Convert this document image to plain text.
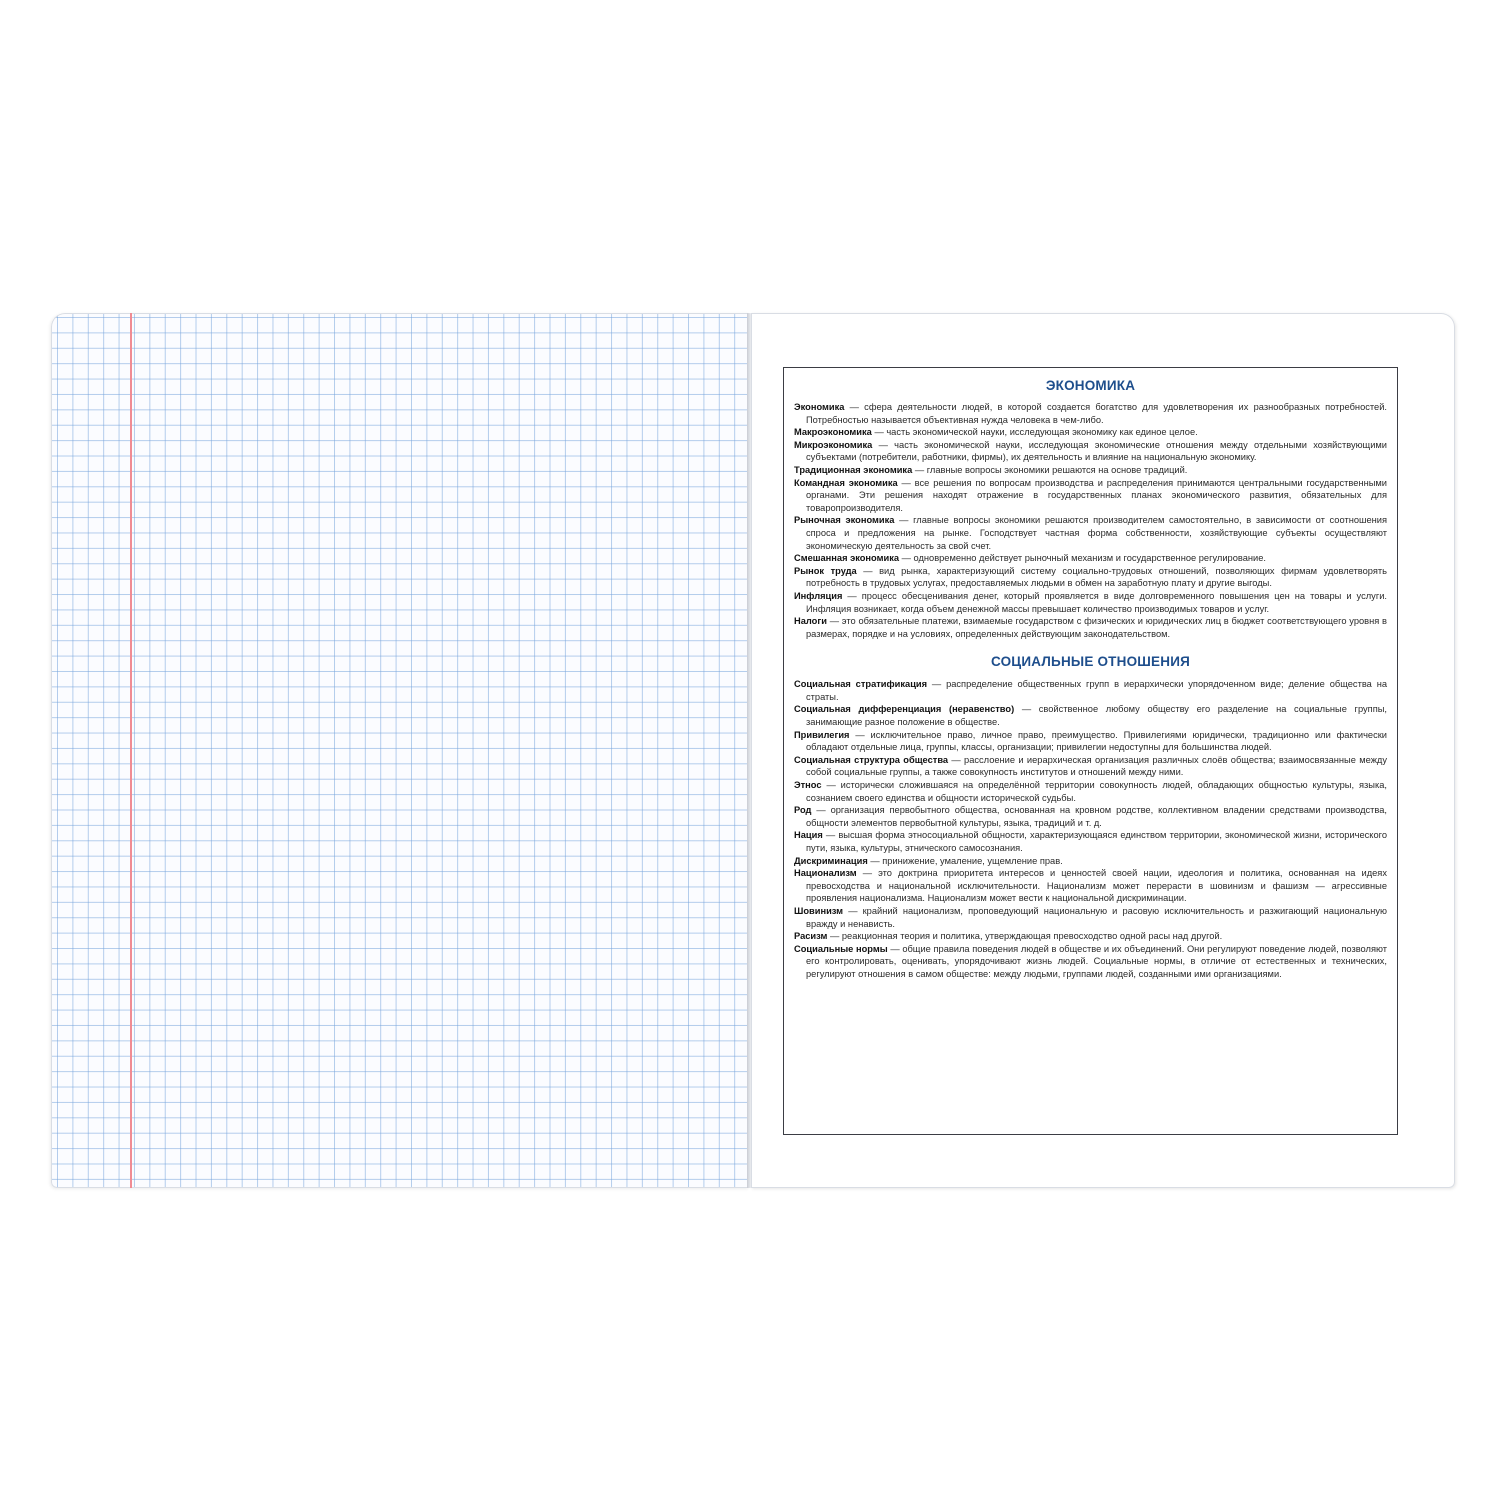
ЭКОНОМИКА

Экономика — сфера деятельности людей, в которой создается богатство для удовлетворения их разнообразных потребностей. Потребностью называется объективная нужда человека в чем-либо.

Макроэкономика — часть экономической науки, исследующая экономику как единое целое.

Микроэкономика — часть экономической науки, исследующая экономические отношения между отдельными хозяйствующими субъектами (потребители, работники, фирмы), их деятельность и влияние на национальную экономику.

Традиционная экономика — главные вопросы экономики решаются на основе традиций.

Командная экономика — все решения по вопросам производства и распределения принимаются центральными государственными органами. Эти решения находят отражение в государственных планах экономического развития, обязательных для товаропроизводителя.

Рыночная экономика — главные вопросы экономики решаются производителем самостоятельно, в зависимости от соотношения спроса и предложения на рынке. Господствует частная форма собственности, хозяйствующие субъекты осуществляют экономическую деятельность за свой счет.

Смешанная экономика — одновременно действует рыночный механизм и государственное регулирование.

Рынок труда — вид рынка, характеризующий систему социально-трудовых отношений, позволяющих фирмам удовлетворять потребность в трудовых услугах, предоставляемых людьми в обмен на заработную плату и другие выгоды.

Инфляция — процесс обесценивания денег, который проявляется в виде долговременного повышения цен на товары и услуги. Инфляция возникает, когда объем денежной массы превышает количество производимых товаров и услуг.

Налоги — это обязательные платежи, взимаемые государством с физических и юридических лиц в бюджет соответствующего уровня в размерах, порядке и на условиях, определенных действующим законодательством.

СОЦИАЛЬНЫЕ ОТНОШЕНИЯ

Социальная стратификация — распределение общественных групп в иерархически упорядоченном виде; деление общества на страты.

Социальная дифференциация (неравенство) — свойственное любому обществу его разделение на социальные группы, занимающие разное положение в обществе.

Привилегия — исключительное право, личное право, преимущество. Привилегиями юридически, традиционно или фактически обладают отдельные лица, группы, классы, организации; привилегии недоступны для большинства людей.

Социальная структура общества — расслоение и иерархическая организация различных слоёв общества; взаимосвязанные между собой социальные группы, а также совокупность институтов и отношений между ними.

Этнос — исторически сложившаяся на определённой территории совокупность людей, обладающих общностью культуры, языка, сознанием своего единства и общности исторической судьбы.

Род — организация первобытного общества, основанная на кровном родстве, коллективном владении средствами производства, общности элементов первобытной культуры, языка, традиций и т. д.

Нация — высшая форма этносоциальной общности, характеризующаяся единством территории, экономической жизни, исторического пути, языка, культуры, этнического самосознания.

Дискриминация — принижение, умаление, ущемление прав.

Национализм — это доктрина приоритета интересов и ценностей своей нации, идеология и политика, основанная на идеях превосходства и национальной исключительности. Национализм может перерасти в шовинизм и фашизм — агрессивные проявления национализма. Национализм может вести к национальной дискриминации.

Шовинизм — крайний национализм, проповедующий национальную и расовую исключительность и разжигающий национальную вражду и ненависть.

Расизм — реакционная теория и политика, утверждающая превосходство одной расы над другой.

Социальные нормы — общие правила поведения людей в обществе и их объединений. Они регулируют поведение людей, позволяют его контролировать, оценивать, упорядочивают жизнь людей. Социальные нормы, в отличие от естественных и технических, регулируют отношения в самом обществе: между людьми, группами людей, созданными ими организациями.
